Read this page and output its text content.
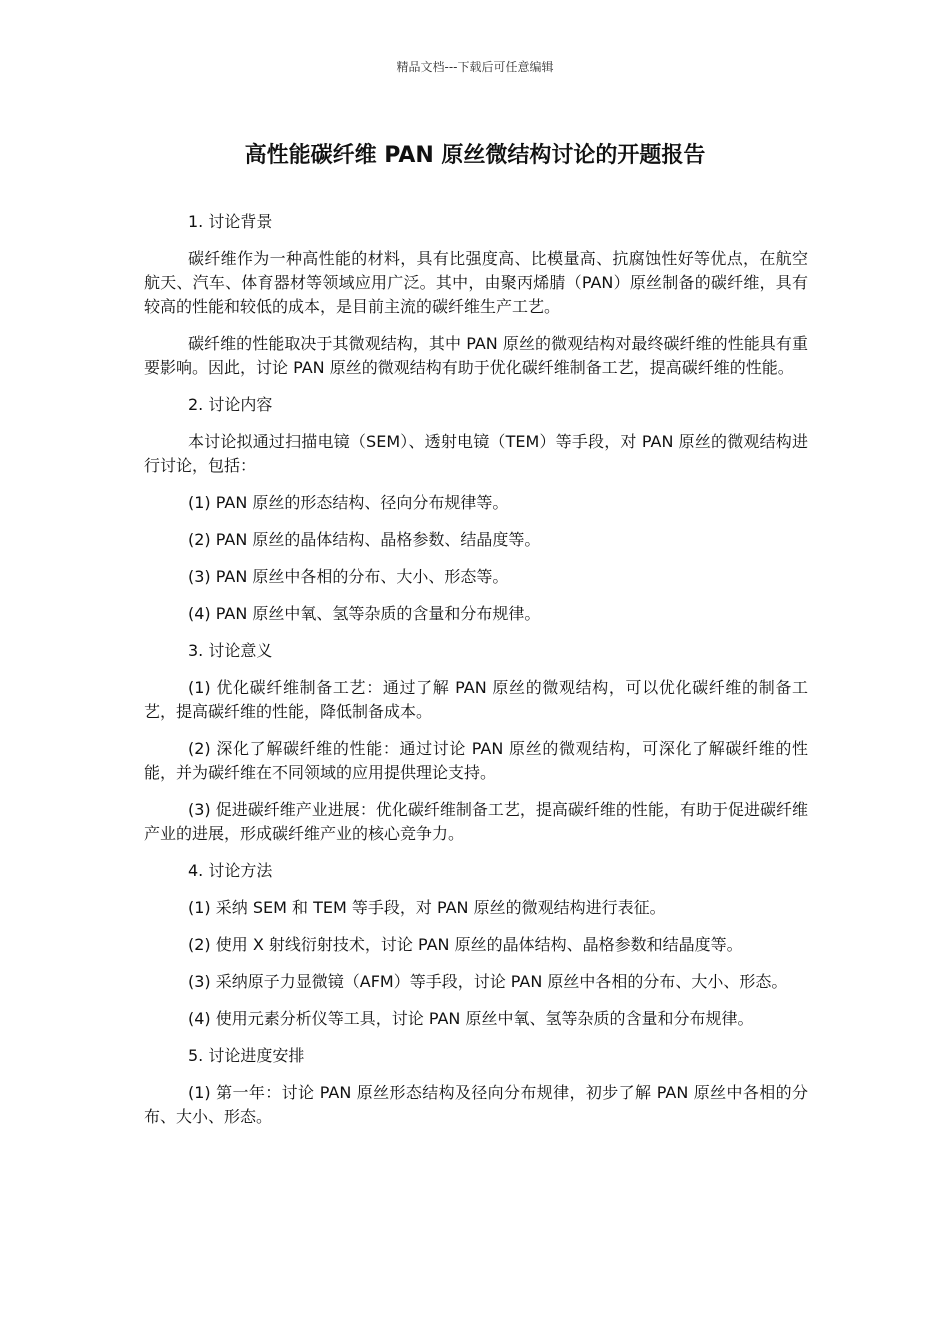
精品文档---下载后可任意编辑
高性能碳纤维 PAN 原丝微结构讨论的开题报告

1. 讨论背景

碳纤维作为一种高性能的材料，具有比强度高、比模量高、抗腐蚀性好等优点，在航空航天、汽车、体育器材等领域应用广泛。其中，由聚丙烯腈（PAN）原丝制备的碳纤维，具有较高的性能和较低的成本，是目前主流的碳纤维生产工艺。

碳纤维的性能取决于其微观结构，其中 PAN 原丝的微观结构对最终碳纤维的性能具有重要影响。因此，讨论 PAN 原丝的微观结构有助于优化碳纤维制备工艺，提高碳纤维的性能。

2. 讨论内容

本讨论拟通过扫描电镜（SEM）、透射电镜（TEM）等手段，对 PAN 原丝的微观结构进行讨论，包括：

(1) PAN 原丝的形态结构、径向分布规律等。

(2) PAN 原丝的晶体结构、晶格参数、结晶度等。

(3) PAN 原丝中各相的分布、大小、形态等。

(4) PAN 原丝中氧、氢等杂质的含量和分布规律。

3. 讨论意义

(1) 优化碳纤维制备工艺：通过了解 PAN 原丝的微观结构，可以优化碳纤维的制备工艺，提高碳纤维的性能，降低制备成本。

(2) 深化了解碳纤维的性能：通过讨论 PAN 原丝的微观结构，可深化了解碳纤维的性能，并为碳纤维在不同领域的应用提供理论支持。

(3) 促进碳纤维产业进展：优化碳纤维制备工艺，提高碳纤维的性能，有助于促进碳纤维产业的进展，形成碳纤维产业的核心竞争力。

4. 讨论方法

(1) 采纳 SEM 和 TEM 等手段，对 PAN 原丝的微观结构进行表征。

(2) 使用 X 射线衍射技术，讨论 PAN 原丝的晶体结构、晶格参数和结晶度等。

(3) 采纳原子力显微镜（AFM）等手段，讨论 PAN 原丝中各相的分布、大小、形态。

(4) 使用元素分析仪等工具，讨论 PAN 原丝中氧、氢等杂质的含量和分布规律。

5. 讨论进度安排

(1) 第一年：讨论 PAN 原丝形态结构及径向分布规律，初步了解 PAN 原丝中各相的分布、大小、形态。
